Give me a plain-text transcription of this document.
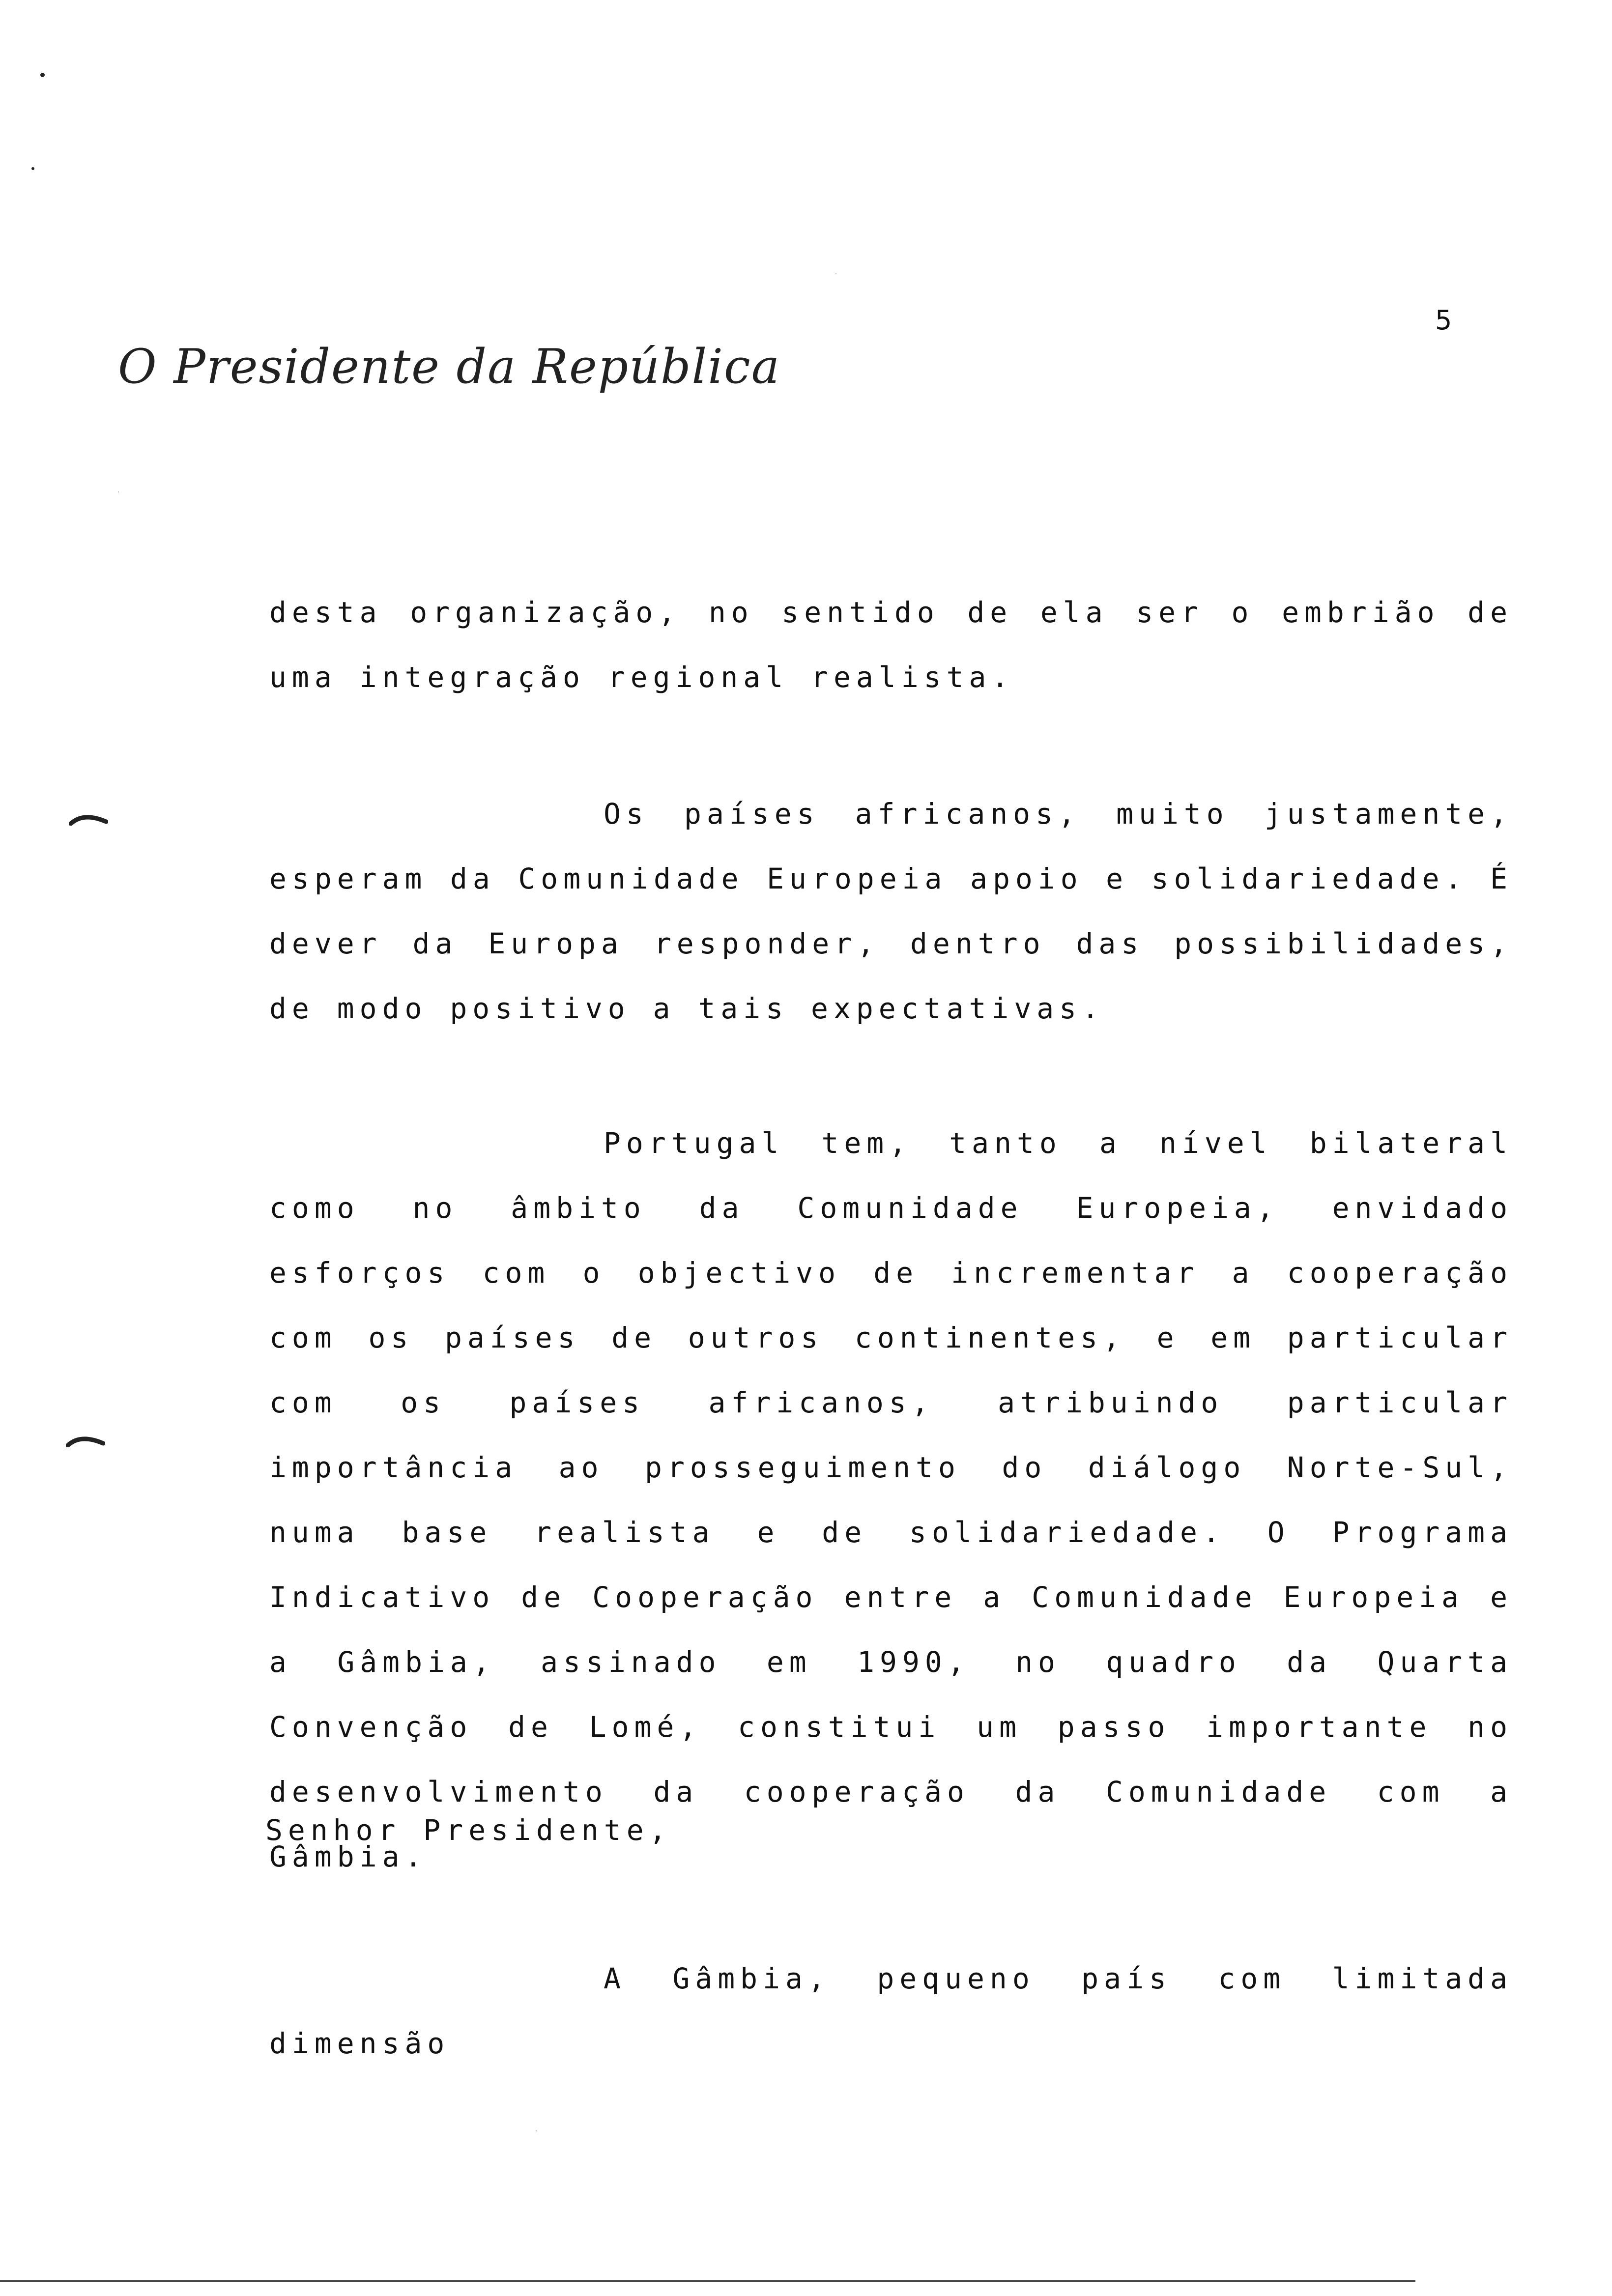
5
O Presidente da República

desta organização, no sentido de ela ser o embrião de uma integração regional realista.

Os países africanos, muito justamente, esperam da Comunidade Europeia apoio e solidariedade. É dever da Europa responder, dentro das possibilidades, de modo positivo a tais expectativas.

Portugal tem, tanto a nível bilateral como no âmbito da Comunidade Europeia, envidado esforços com o objectivo de incrementar a cooperação com os países de outros continentes, e em particular com os países africanos, atribuindo particular importância ao prosseguimento do diálogo Norte-Sul, numa base realista e de solidariedade. O Programa Indicativo de Cooperação entre a Comunidade Europeia e a Gâmbia, assinado em 1990, no quadro da Quarta Convenção de Lomé, constitui um passo importante no desenvolvimento da cooperação da Comunidade com a Gâmbia.

Senhor Presidente,

A Gâmbia, pequeno país com limitada dimensão
